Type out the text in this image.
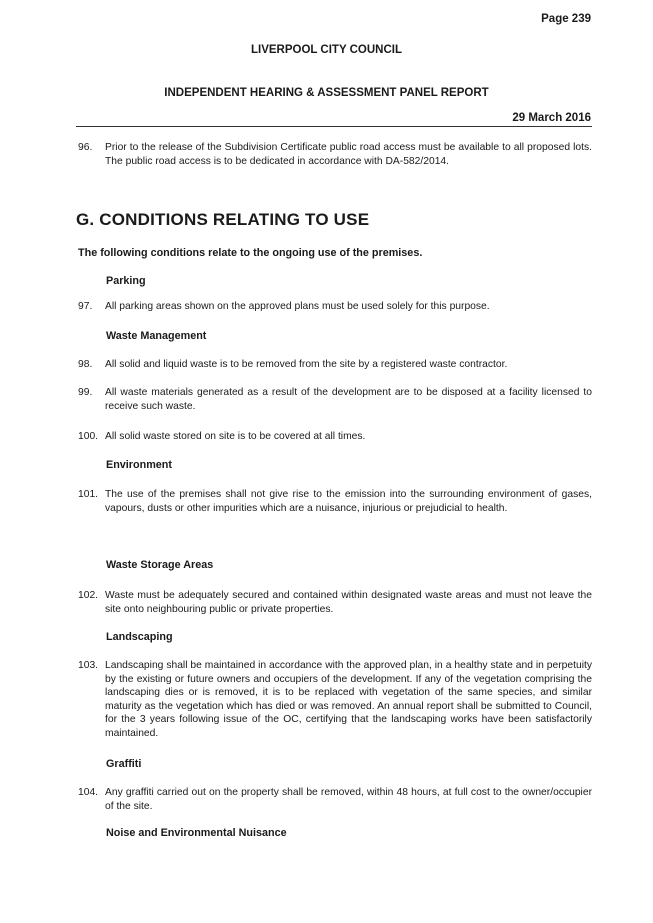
Page 239
LIVERPOOL CITY COUNCIL
INDEPENDENT HEARING & ASSESSMENT PANEL REPORT
29 March 2016
96. Prior to the release of the Subdivision Certificate public road access must be available to all proposed lots. The public road access is to be dedicated in accordance with DA-582/2014.
G. CONDITIONS RELATING TO USE
The following conditions relate to the ongoing use of the premises.
Parking
97. All parking areas shown on the approved plans must be used solely for this purpose.
Waste Management
98. All solid and liquid waste is to be removed from the site by a registered waste contractor.
99. All waste materials generated as a result of the development are to be disposed at a facility licensed to receive such waste.
100. All solid waste stored on site is to be covered at all times.
Environment
101. The use of the premises shall not give rise to the emission into the surrounding environment of gases, vapours, dusts or other impurities which are a nuisance, injurious or prejudicial to health.
Waste Storage Areas
102. Waste must be adequately secured and contained within designated waste areas and must not leave the site onto neighbouring public or private properties.
Landscaping
103. Landscaping shall be maintained in accordance with the approved plan, in a healthy state and in perpetuity by the existing or future owners and occupiers of the development. If any of the vegetation comprising the landscaping dies or is removed, it is to be replaced with vegetation of the same species, and similar maturity as the vegetation which has died or was removed. An annual report shall be submitted to Council, for the 3 years following issue of the OC, certifying that the landscaping works have been satisfactorily maintained.
Graffiti
104. Any graffiti carried out on the property shall be removed, within 48 hours, at full cost to the owner/occupier of the site.
Noise and Environmental Nuisance
